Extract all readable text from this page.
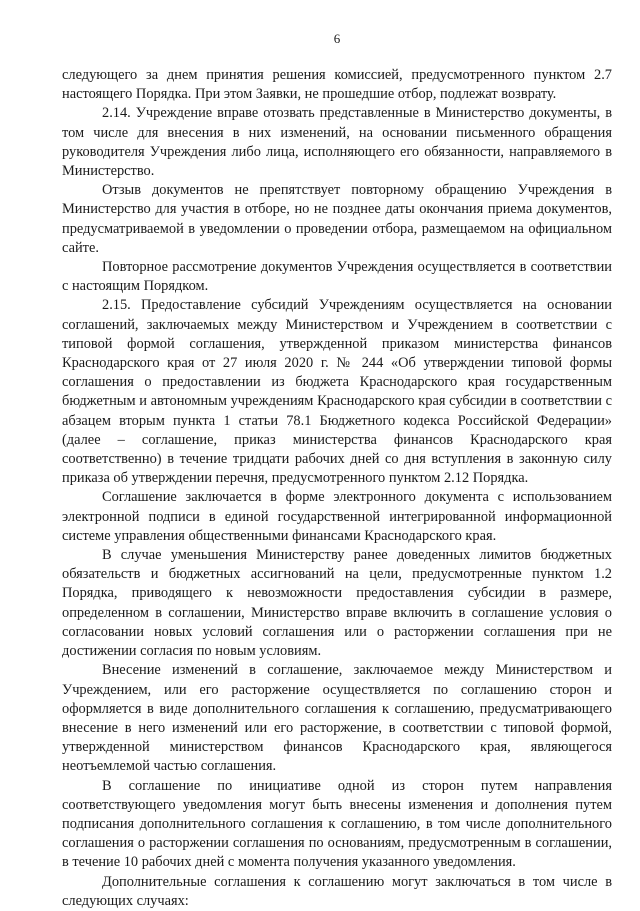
6

следующего за днем принятия решения комиссией, предусмотренного пунктом 2.7 настоящего Порядка. При этом Заявки, не прошедшие отбор, подлежат возврату.

2.14. Учреждение вправе отозвать представленные в Министерство документы, в том числе для внесения в них изменений, на основании письменного обращения руководителя Учреждения либо лица, исполняющего его обязанности, направляемого в Министерство.

Отзыв документов не препятствует повторному обращению Учреждения в Министерство для участия в отборе, но не позднее даты окончания приема документов, предусматриваемой в уведомлении о проведении отбора, размещаемом на официальном сайте.

Повторное рассмотрение документов Учреждения осуществляется в соответствии с настоящим Порядком.

2.15. Предоставление субсидий Учреждениям осуществляется на основании соглашений, заключаемых между Министерством и Учреждением в соответствии с типовой формой соглашения, утвержденной приказом министерства финансов Краснодарского края от 27 июля 2020 г. № 244 «Об утверждении типовой формы соглашения о предоставлении из бюджета Краснодарского края государственным бюджетным и автономным учреждениям Краснодарского края субсидии в соответствии с абзацем вторым пункта 1 статьи 78.1 Бюджетного кодекса Российской Федерации» (далее – соглашение, приказ министерства финансов Краснодарского края соответственно) в течение тридцати рабочих дней со дня вступления в законную силу приказа об утверждении перечня, предусмотренного пунктом 2.12 Порядка.

Соглашение заключается в форме электронного документа с использованием электронной подписи в единой государственной интегрированной информационной системе управления общественными финансами Краснодарского края.

В случае уменьшения Министерству ранее доведенных лимитов бюджетных обязательств и бюджетных ассигнований на цели, предусмотренные пунктом 1.2 Порядка, приводящего к невозможности предоставления субсидии в размере, определенном в соглашении, Министерство вправе включить в соглашение условия о согласовании новых условий соглашения или о расторжении соглашения при не достижении согласия по новым условиям.

Внесение изменений в соглашение, заключаемое между Министерством и Учреждением, или его расторжение осуществляется по соглашению сторон и оформляется в виде дополнительного соглашения к соглашению, предусматривающего внесение в него изменений или его расторжение, в соответствии с типовой формой, утвержденной министерством финансов Краснодарского края, являющегося неотъемлемой частью соглашения.

В соглашение по инициативе одной из сторон путем направления соответствующего уведомления могут быть внесены изменения и дополнения путем подписания дополнительного соглашения к соглашению, в том числе дополнительного соглашения о расторжении соглашения по основаниям, предусмотренным в соглашении, в течение 10 рабочих дней с момента получения указанного уведомления.

Дополнительные соглашения к соглашению могут заключаться в том числе в следующих случаях:
